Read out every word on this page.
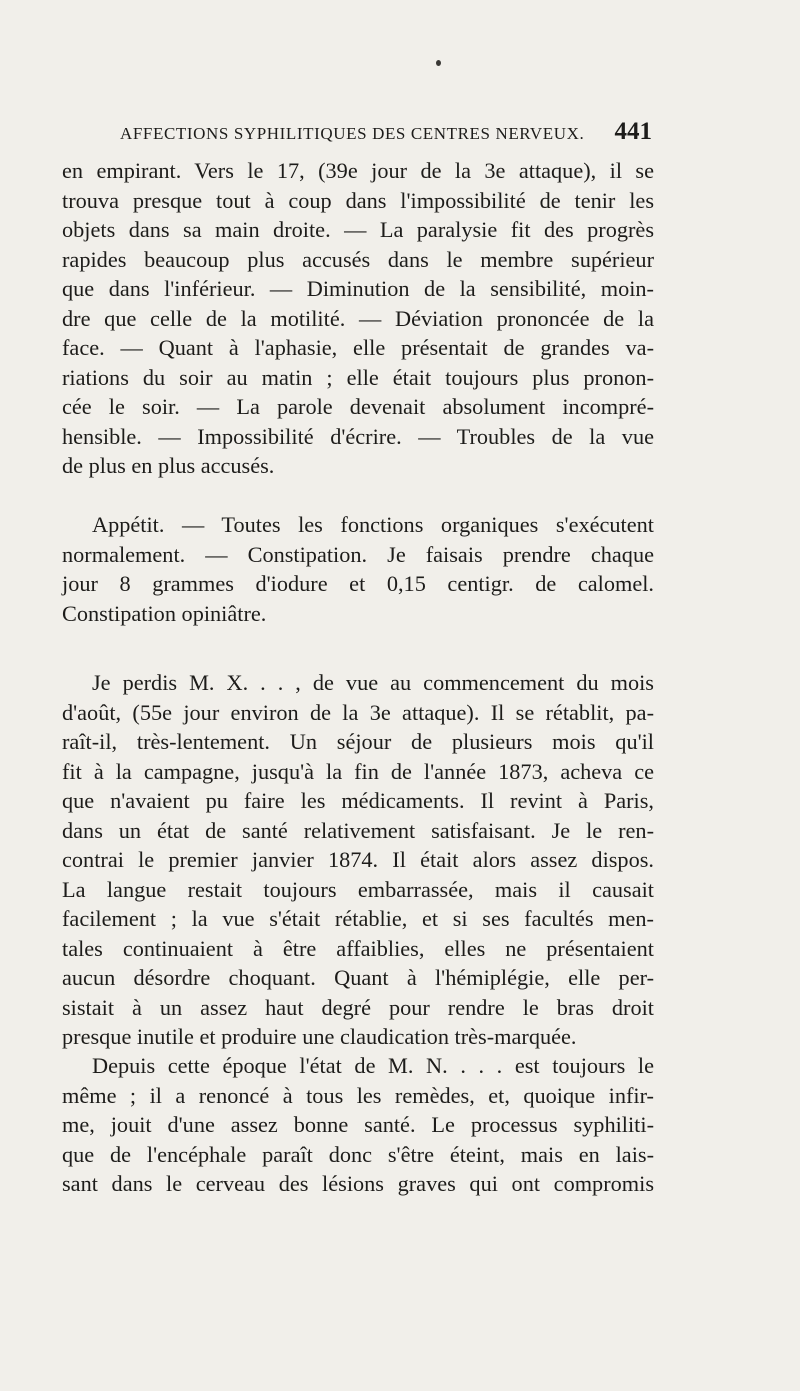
AFFECTIONS SYPHILITIQUES DES CENTRES NERVEUX. 441
en empirant. Vers le 17, (39e jour de la 3e attaque), il se
trouva presque tout à coup dans l'impossibilité de tenir les
objets dans sa main droite. — La paralysie fit des progrès
rapides beaucoup plus accusés dans le membre supérieur
que dans l'inférieur. — Diminution de la sensibilité, moin-
dre que celle de la motilité. — Déviation prononcée de la
face. — Quant à l'aphasie, elle présentait de grandes va-
riations du soir au matin ; elle était toujours plus pronon-
cée le soir. — La parole devenait absolument incompré-
hensible. — Impossibilité d'écrire. — Troubles de la vue
de plus en plus accusés.
Appétit. — Toutes les fonctions organiques s'exécutent
normalement. — Constipation. Je faisais prendre chaque
jour 8 grammes d'iodure et 0,15 centigr. de calomel.
Constipation opiniâtre.
Je perdis M. X. . . , de vue au commencement du mois
d'août, (55e jour environ de la 3e attaque). Il se rétablit, pa-
raît-il, très-lentement. Un séjour de plusieurs mois qu'il
fit à la campagne, jusqu'à la fin de l'année 1873, acheva ce
que n'avaient pu faire les médicaments. Il revint à Paris,
dans un état de santé relativement satisfaisant. Je le ren-
contrai le premier janvier 1874. Il était alors assez dispos.
La langue restait toujours embarrassée, mais il causait
facilement ; la vue s'était rétablie, et si ses facultés men-
tales continuaient à être affaiblies, elles ne présentaient
aucun désordre choquant. Quant à l'hémiplégie, elle per-
sistait à un assez haut degré pour rendre le bras droit
presque inutile et produire une claudication très-marquée.
Depuis cette époque l'état de M. N. . . . est toujours le
même ; il a renoncé à tous les remèdes, et, quoique infir-
me, jouit d'une assez bonne santé. Le processus syphiliti-
que de l'encéphale paraît donc s'être éteint, mais en lais-
sant dans le cerveau des lésions graves qui ont compromis
